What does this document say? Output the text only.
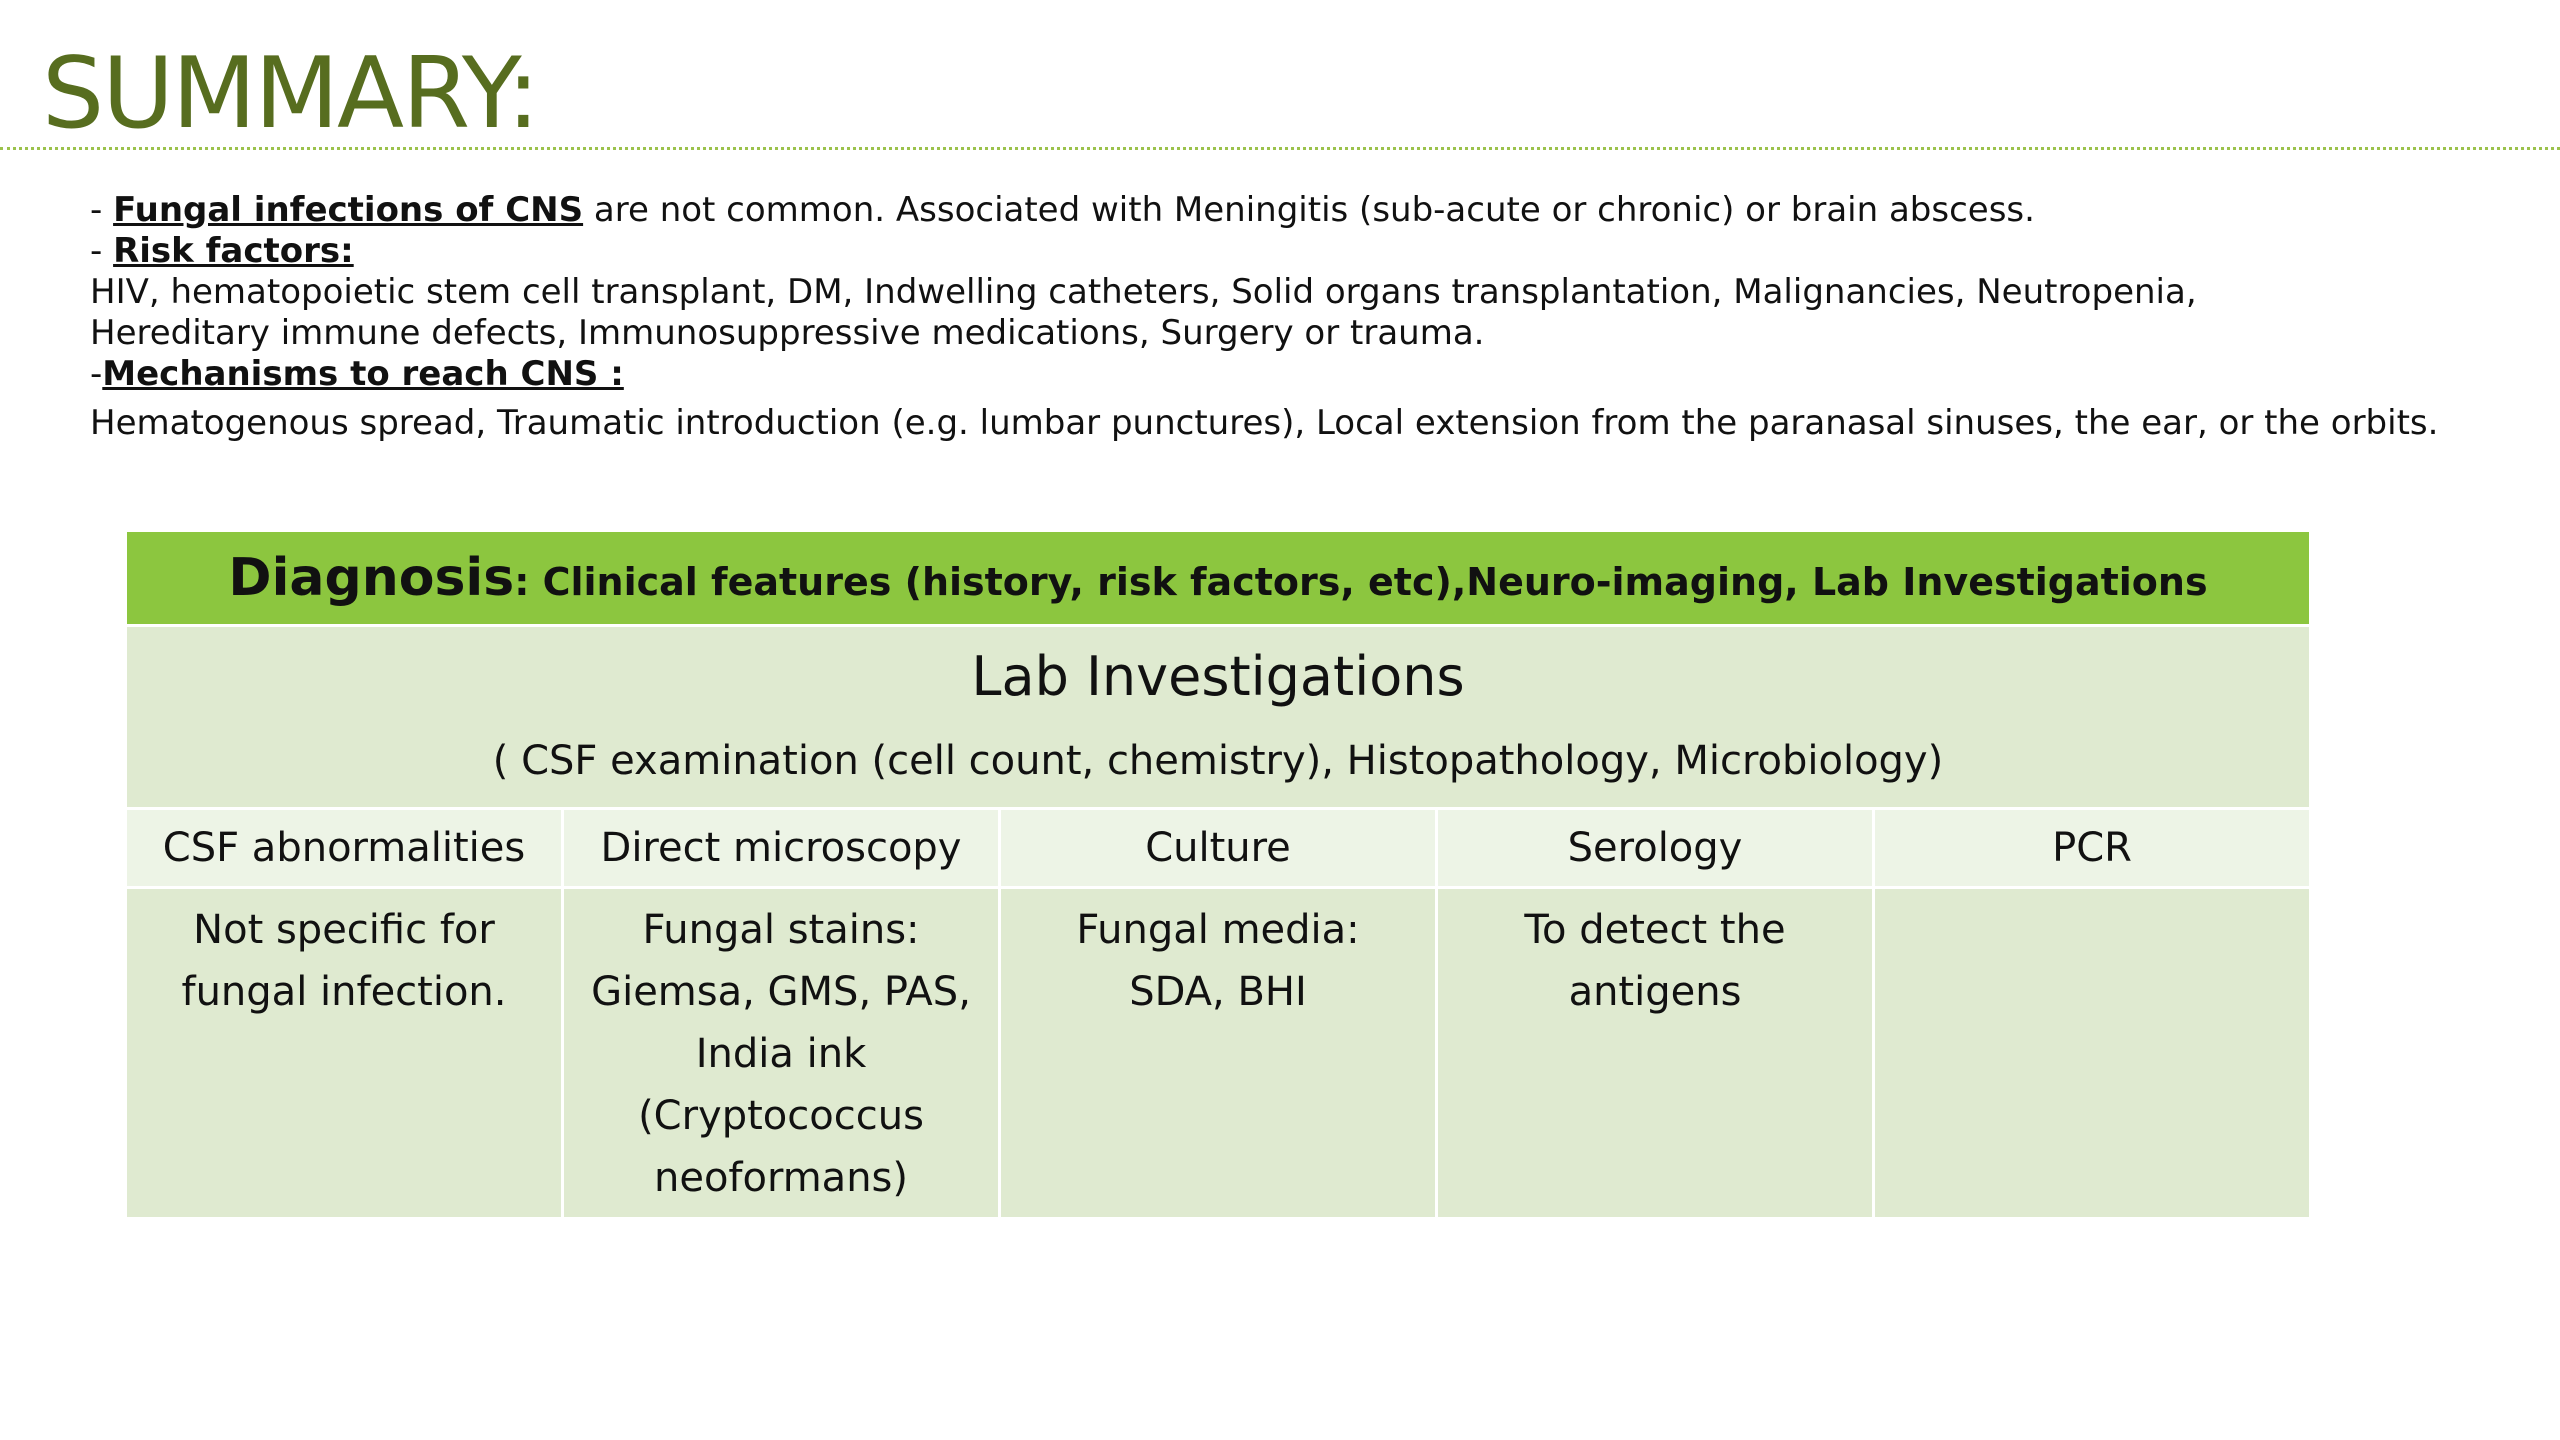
SUMMARY:
- Fungal infections of CNS are not common. Associated with Meningitis (sub-acute or chronic) or brain abscess.
- Risk factors:
HIV, hematopoietic stem cell transplant, DM, Indwelling catheters, Solid organs transplantation, Malignancies, Neutropenia,
Hereditary immune defects, Immunosuppressive medications, Surgery or trauma.
-Mechanisms to reach CNS :
Hematogenous spread, Traumatic introduction (e.g. lumbar punctures), Local extension from the paranasal sinuses, the ear, or the orbits.
Diagnosis: Clinical features (history, risk factors, etc),Neuro-imaging, Lab Investigations				

Lab Investigations
( CSF examination (cell count, chemistry), Histopathology, Microbiology)				

CSF abnormalities	Direct microscopy	Culture	Serology	PCR

Not specific for fungal infection.	Fungal stains: Giemsa, GMS, PAS, India ink (Cryptococcus neoformans)	Fungal media: SDA, BHI	To detect the antigens	
